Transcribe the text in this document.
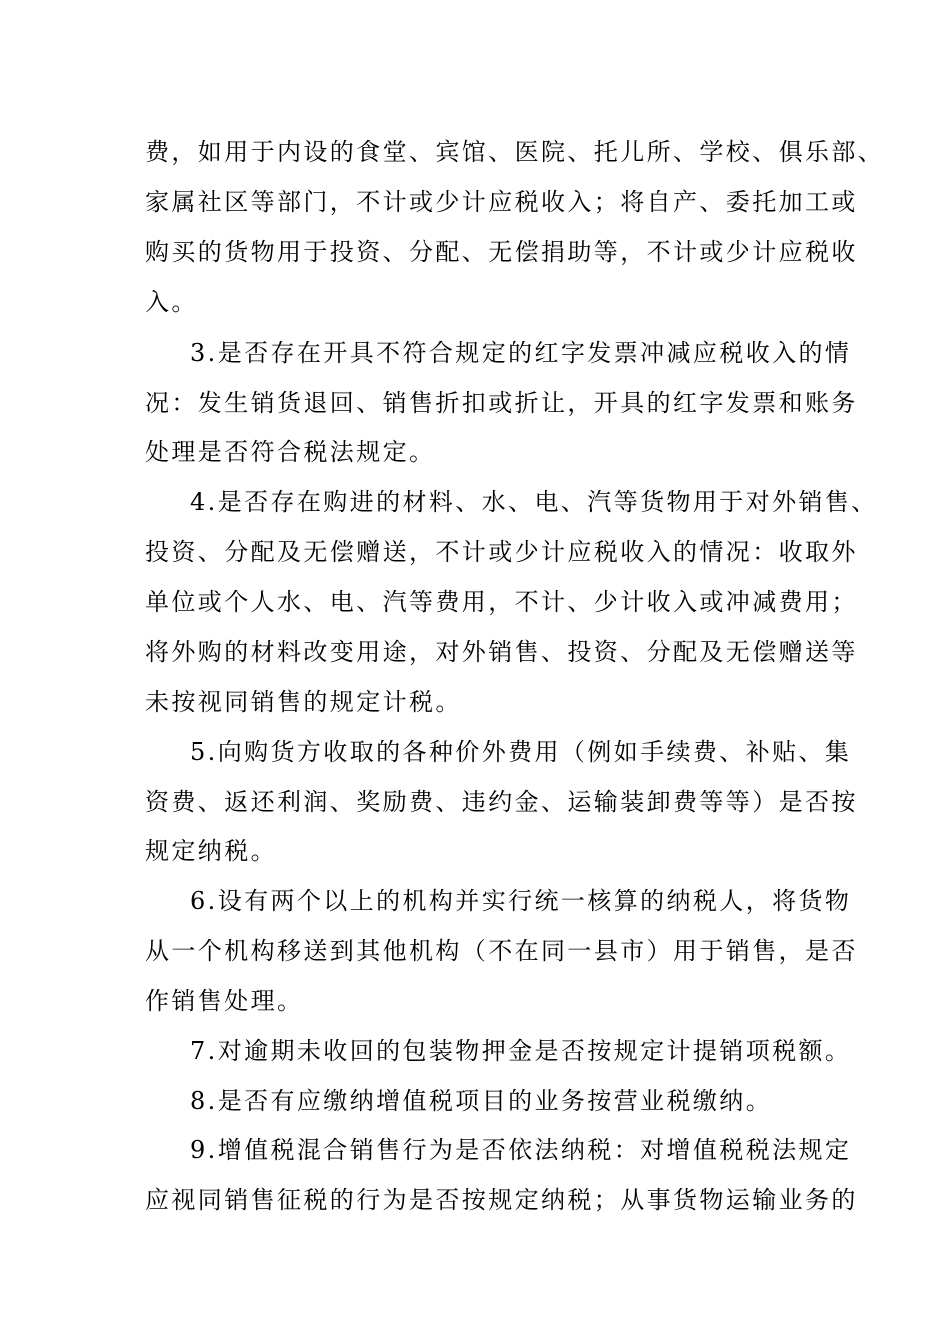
费，如用于内设的食堂、宾馆、医院、托儿所、学校、俱乐部、
家属社区等部门，不计或少计应税收入；将自产、委托加工或
购买的货物用于投资、分配、无偿捐助等，不计或少计应税收
入。
3.是否存在开具不符合规定的红字发票冲减应税收入的情
况：发生销货退回、销售折扣或折让，开具的红字发票和账务
处理是否符合税法规定。
4.是否存在购进的材料、水、电、汽等货物用于对外销售、
投资、分配及无偿赠送，不计或少计应税收入的情况：收取外
单位或个人水、电、汽等费用，不计、少计收入或冲减费用；
将外购的材料改变用途，对外销售、投资、分配及无偿赠送等
未按视同销售的规定计税。
5.向购货方收取的各种价外费用（例如手续费、补贴、集
资费、返还利润、奖励费、违约金、运输装卸费等等）是否按
规定纳税。
6.设有两个以上的机构并实行统一核算的纳税人，将货物
从一个机构移送到其他机构（不在同一县市）用于销售，是否
作销售处理。
7.对逾期未收回的包装物押金是否按规定计提销项税额。
8.是否有应缴纳增值税项目的业务按营业税缴纳。
9.增值税混合销售行为是否依法纳税：对增值税税法规定
应视同销售征税的行为是否按规定纳税；从事货物运输业务的
